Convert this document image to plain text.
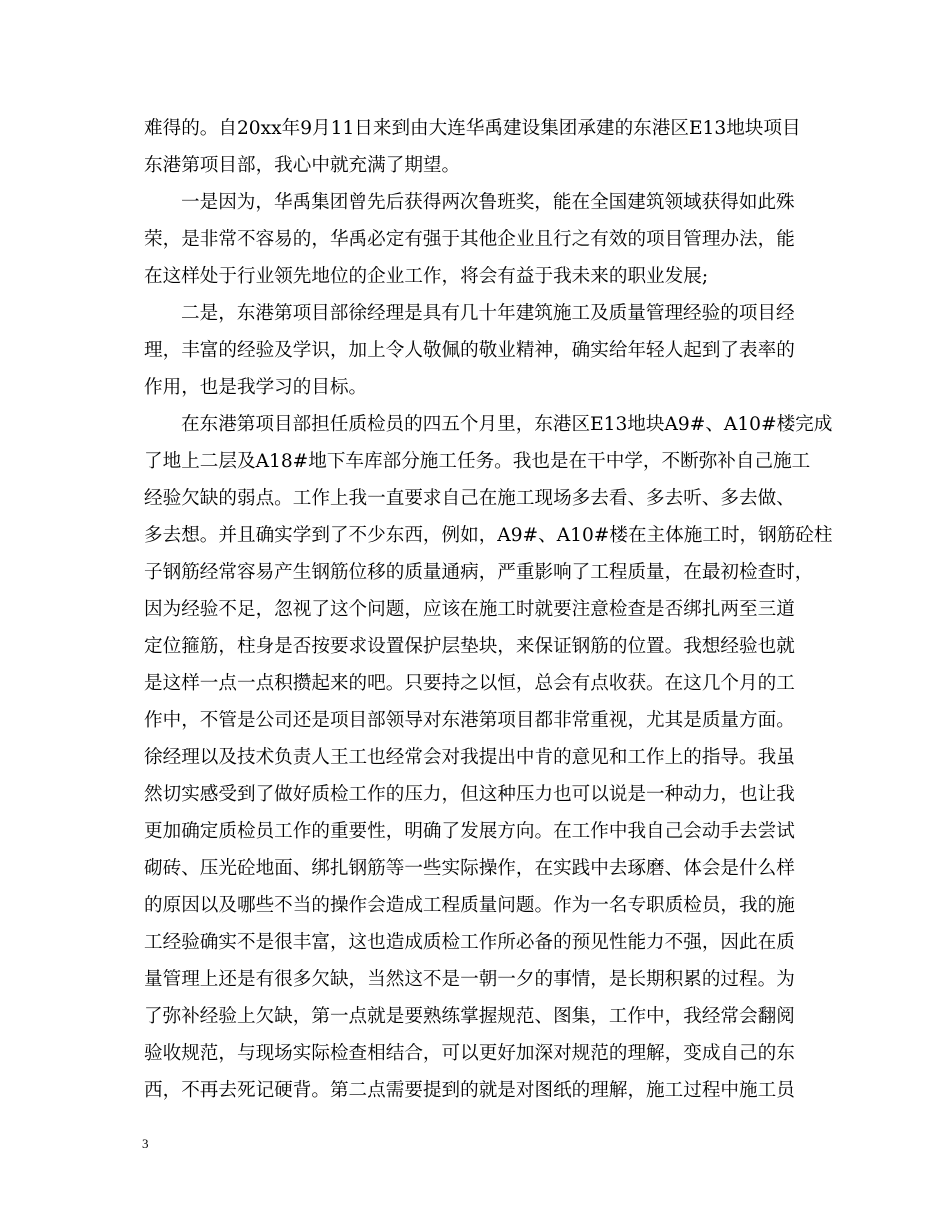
难得的。自20xx年9月11日来到由大连华禹建设集团承建的东港区E13地块项目
东港第项目部，我心中就充满了期望。
一是因为，华禹集团曾先后获得两次鲁班奖，能在全国建筑领域获得如此殊
荣，是非常不容易的，华禹必定有强于其他企业且行之有效的项目管理办法，能
在这样处于行业领先地位的企业工作，将会有益于我未来的职业发展;
二是，东港第项目部徐经理是具有几十年建筑施工及质量管理经验的项目经
理，丰富的经验及学识，加上令人敬佩的敬业精神，确实给年轻人起到了表率的
作用，也是我学习的目标。
在东港第项目部担任质检员的四五个月里，东港区E13地块A9#、A10#楼完成
了地上二层及A18#地下车库部分施工任务。我也是在干中学，不断弥补自己施工
经验欠缺的弱点。工作上我一直要求自己在施工现场多去看、多去听、多去做、
多去想。并且确实学到了不少东西，例如，A9#、A10#楼在主体施工时，钢筋砼柱
子钢筋经常容易产生钢筋位移的质量通病，严重影响了工程质量，在最初检查时，
因为经验不足，忽视了这个问题，应该在施工时就要注意检查是否绑扎两至三道
定位箍筋，柱身是否按要求设置保护层垫块，来保证钢筋的位置。我想经验也就
是这样一点一点积攒起来的吧。只要持之以恒，总会有点收获。在这几个月的工
作中，不管是公司还是项目部领导对东港第项目都非常重视，尤其是质量方面。
徐经理以及技术负责人王工也经常会对我提出中肯的意见和工作上的指导。我虽
然切实感受到了做好质检工作的压力，但这种压力也可以说是一种动力，也让我
更加确定质检员工作的重要性，明确了发展方向。在工作中我自己会动手去尝试
砌砖、压光砼地面、绑扎钢筋等一些实际操作，在实践中去琢磨、体会是什么样
的原因以及哪些不当的操作会造成工程质量问题。作为一名专职质检员，我的施
工经验确实不是很丰富，这也造成质检工作所必备的预见性能力不强，因此在质
量管理上还是有很多欠缺，当然这不是一朝一夕的事情，是长期积累的过程。为
了弥补经验上欠缺，第一点就是要熟练掌握规范、图集，工作中，我经常会翻阅
验收规范，与现场实际检查相结合，可以更好加深对规范的理解，变成自己的东
西，不再去死记硬背。第二点需要提到的就是对图纸的理解，施工过程中施工员
3
